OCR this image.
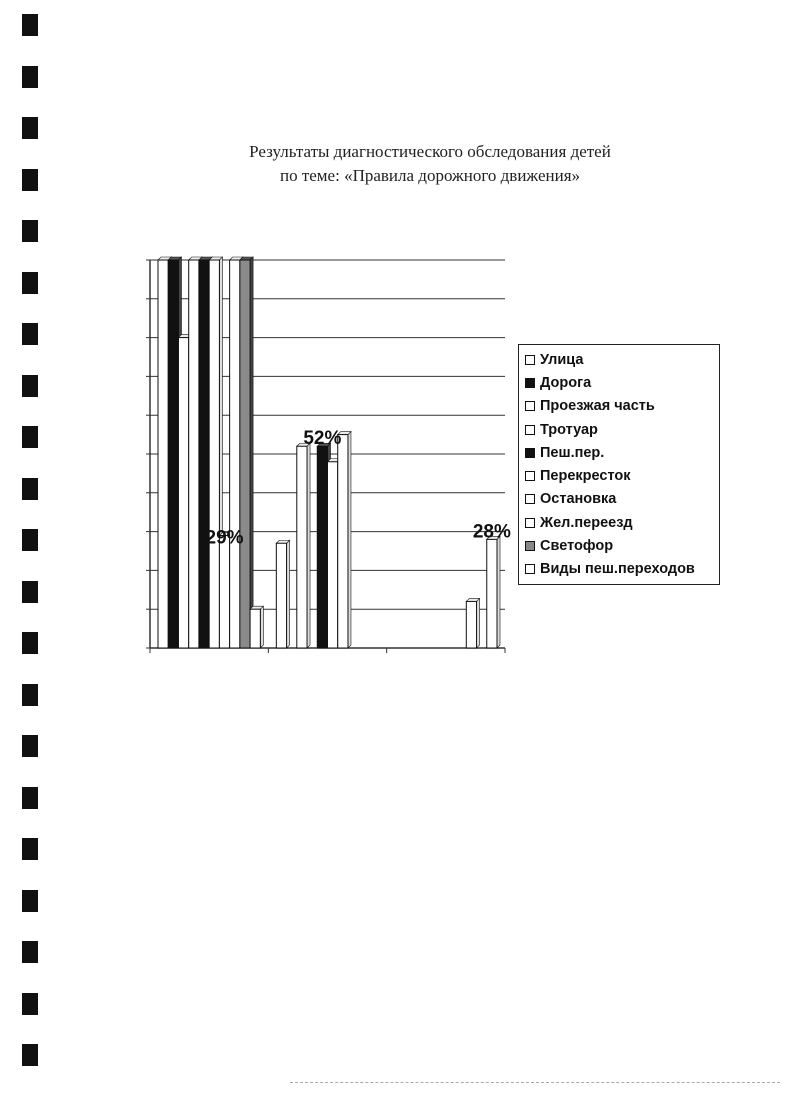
Результаты диагностического обследования детей
по теме: «Правила дорожного движения»
29%
52%
28%
Улица
Дорога
Проезжая часть
Тротуар
Пеш.пер.
Перекресток
Остановка
Жел.переезд
Светофор
Виды пеш.переходов
